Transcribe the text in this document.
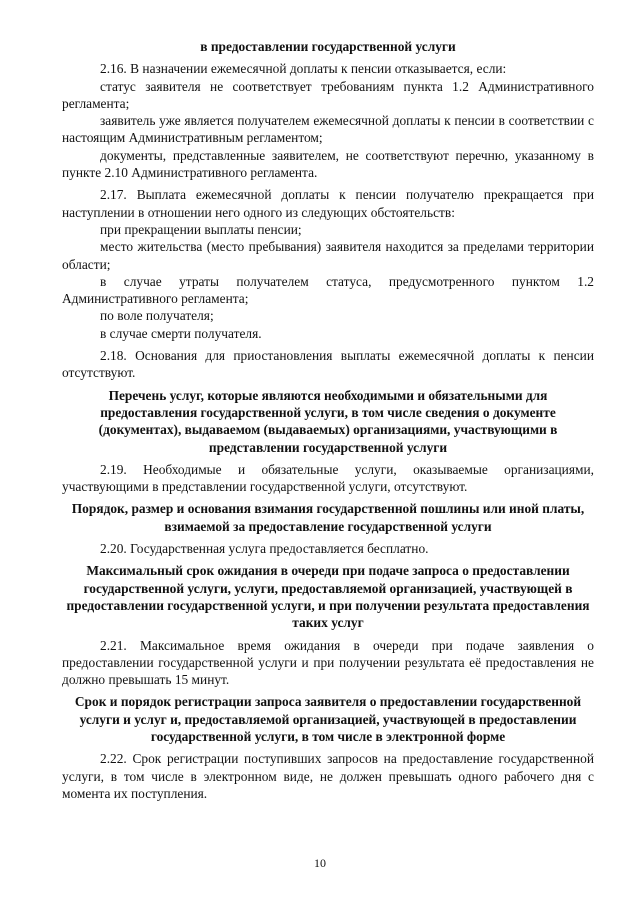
в предоставлении государственной услуги

2.16. В назначении ежемесячной доплаты к пенсии отказывается, если:

статус заявителя не соответствует требованиям пункта 1.2 Административного регламента;

заявитель уже является получателем ежемесячной доплаты к пенсии в соответствии с настоящим Административным регламентом;

документы, представленные заявителем, не соответствуют перечню, указанному в пункте 2.10 Административного регламента.

2.17. Выплата ежемесячной доплаты к пенсии получателю прекращается при наступлении в отношении него одного из следующих обстоятельств:

при прекращении выплаты пенсии;

место жительства (место пребывания) заявителя находится за пределами территории области;

в случае утраты получателем статуса, предусмотренного пунктом 1.2 Административного регламента;

по воле получателя;

в случае смерти получателя.

2.18. Основания для приостановления выплаты ежемесячной доплаты к пенсии отсутствуют.

Перечень услуг, которые являются необходимыми и обязательными для предоставления государственной услуги, в том числе сведения о документе (документах), выдаваемом (выдаваемых) организациями, участвующими в представлении государственной услуги

2.19. Необходимые и обязательные услуги, оказываемые организациями, участвующими в представлении государственной услуги, отсутствуют.

Порядок, размер и основания взимания государственной пошлины или иной платы, взимаемой за предоставление государственной услуги

2.20. Государственная услуга предоставляется бесплатно.

Максимальный срок ожидания в очереди при подаче запроса о предоставлении государственной услуги, услуги, предоставляемой организацией, участвующей в предоставлении государственной услуги, и при получении результата предоставления таких услуг

2.21. Максимальное время ожидания в очереди при подаче заявления о предоставлении государственной услуги и при получении результата её предоставления не должно превышать 15 минут.

Срок и порядок регистрации запроса заявителя о предоставлении государственной услуги и услуг и, предоставляемой организацией, участвующей в предоставлении государственной услуги, в том числе в электронной форме

2.22. Срок регистрации поступивших запросов на предоставление государственной услуги, в том числе в электронном виде, не должен превышать одного рабочего дня с момента их поступления.

10
